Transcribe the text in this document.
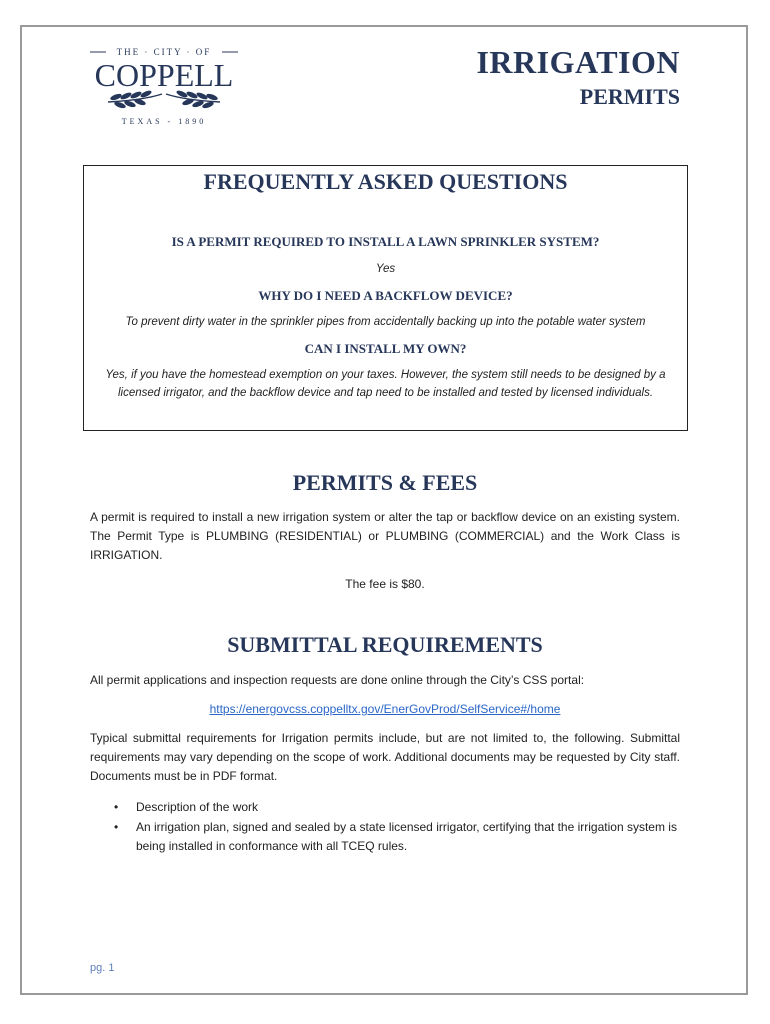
THE · CITY · OF
COPPELL
TEXAS - 1890
IRRIGATION
PERMITS
FREQUENTLY ASKED QUESTIONS
IS A PERMIT REQUIRED TO INSTALL A LAWN SPRINKLER SYSTEM?
Yes
WHY DO I NEED A BACKFLOW DEVICE?
To prevent dirty water in the sprinkler pipes from accidentally backing up into the potable water system
CAN I INSTALL MY OWN?
Yes, if you have the homestead exemption on your taxes. However, the system still needs to be designed by a licensed irrigator, and the backflow device and tap need to be installed and tested by licensed individuals.
PERMITS & FEES
A permit is required to install a new irrigation system or alter the tap or backflow device on an existing system. The Permit Type is PLUMBING (RESIDENTIAL) or PLUMBING (COMMERCIAL) and the Work Class is IRRIGATION.
The fee is $80.
SUBMITTAL REQUIREMENTS
All permit applications and inspection requests are done online through the City’s CSS portal:
https://energovcss.coppelltx.gov/EnerGovProd/SelfService#/home
Typical submittal requirements for Irrigation permits include, but are not limited to, the following. Submittal requirements may vary depending on the scope of work. Additional documents may be requested by City staff. Documents must be in PDF format.
• Description of the work
• An irrigation plan, signed and sealed by a state licensed irrigator, certifying that the irrigation system is being installed in conformance with all TCEQ rules.
pg. 1
